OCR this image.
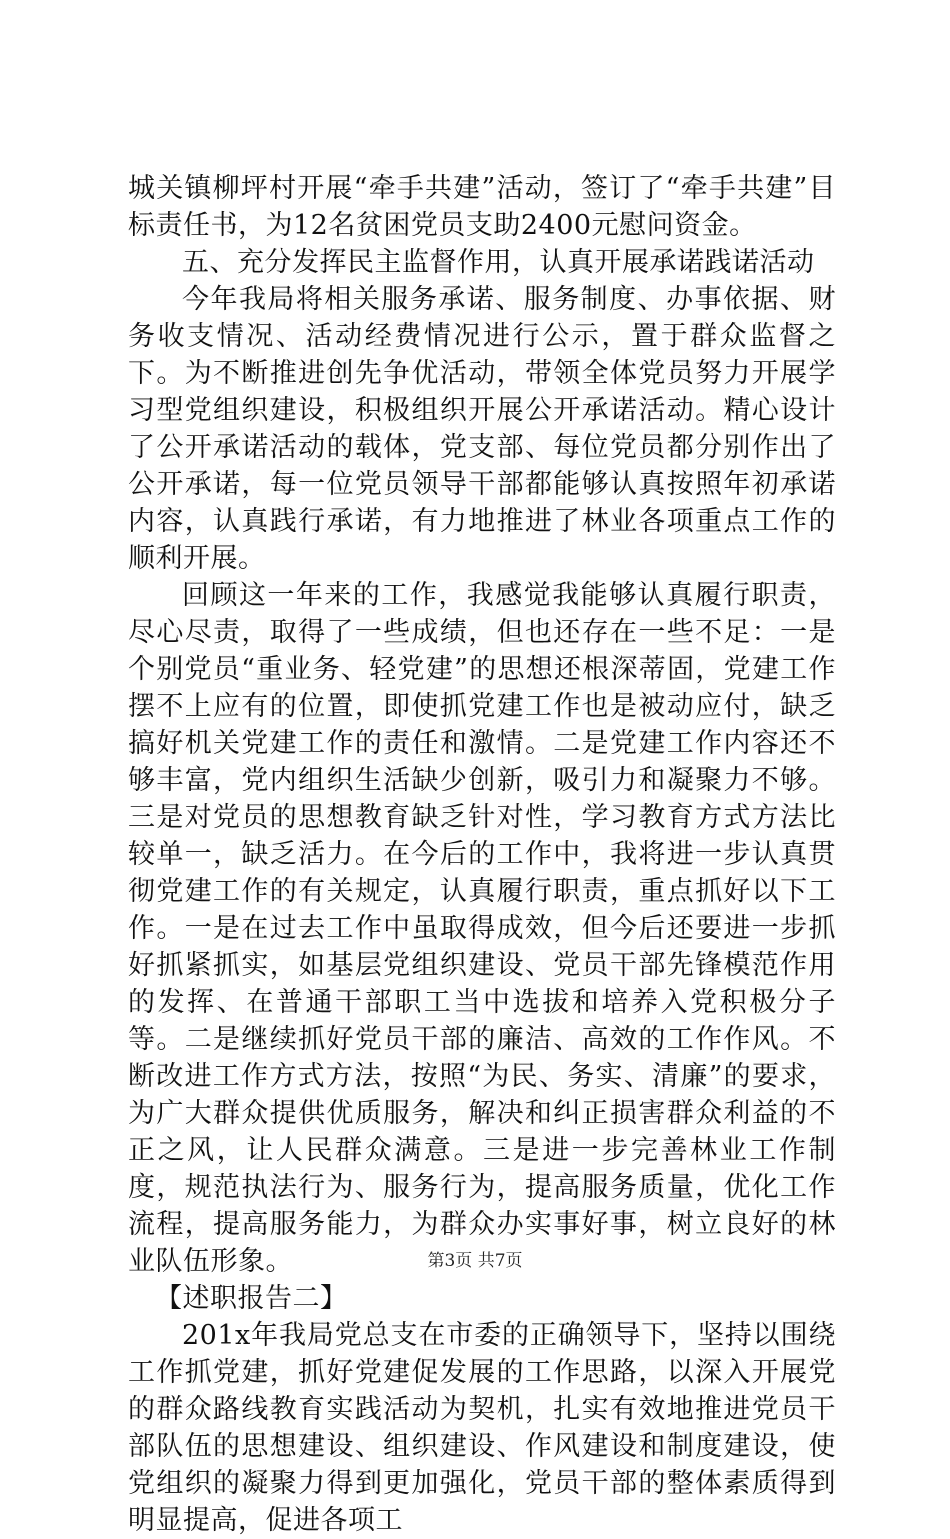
城关镇柳坪村开展“牵手共建”活动，签订了“牵手共建”目标责任书，为12名贫困党员支助2400元慰问资金。

五、充分发挥民主监督作用，认真开展承诺践诺活动

今年我局将相关服务承诺、服务制度、办事依据、财务收支情况、活动经费情况进行公示，置于群众监督之下。为不断推进创先争优活动，带领全体党员努力开展学习型党组织建设，积极组织开展公开承诺活动。精心设计了公开承诺活动的载体，党支部、每位党员都分别作出了公开承诺，每一位党员领导干部都能够认真按照年初承诺内容，认真践行承诺，有力地推进了林业各项重点工作的顺利开展。

回顾这一年来的工作，我感觉我能够认真履行职责，尽心尽责，取得了一些成绩，但也还存在一些不足：一是个别党员“重业务、轻党建”的思想还根深蒂固，党建工作摆不上应有的位置，即使抓党建工作也是被动应付，缺乏搞好机关党建工作的责任和激情。二是党建工作内容还不够丰富，党内组织生活缺少创新，吸引力和凝聚力不够。三是对党员的思想教育缺乏针对性，学习教育方式方法比较单一，缺乏活力。在今后的工作中，我将进一步认真贯彻党建工作的有关规定，认真履行职责，重点抓好以下工作。一是在过去工作中虽取得成效，但今后还要进一步抓好抓紧抓实，如基层党组织建设、党员干部先锋模范作用的发挥、在普通干部职工当中选拔和培养入党积极分子等。二是继续抓好党员干部的廉洁、高效的工作作风。不断改进工作方式方法，按照“为民、务实、清廉”的要求，为广大群众提供优质服务，解决和纠正损害群众利益的不正之风，让人民群众满意。三是进一步完善林业工作制度，规范执法行为、服务行为，提高服务质量，优化工作流程，提高服务能力，为群众办实事好事，树立良好的林业队伍形象。

【述职报告二】

201x年我局党总支在市委的正确领导下，坚持以围绕工作抓党建，抓好党建促发展的工作思路，以深入开展党的群众路线教育实践活动为契机，扎实有效地推进党员干部队伍的思想建设、组织建设、作风建设和制度建设，使党组织的凝聚力得到更加强化，党员干部的整体素质得到明显提高，促进各项工

第3页 共7页
